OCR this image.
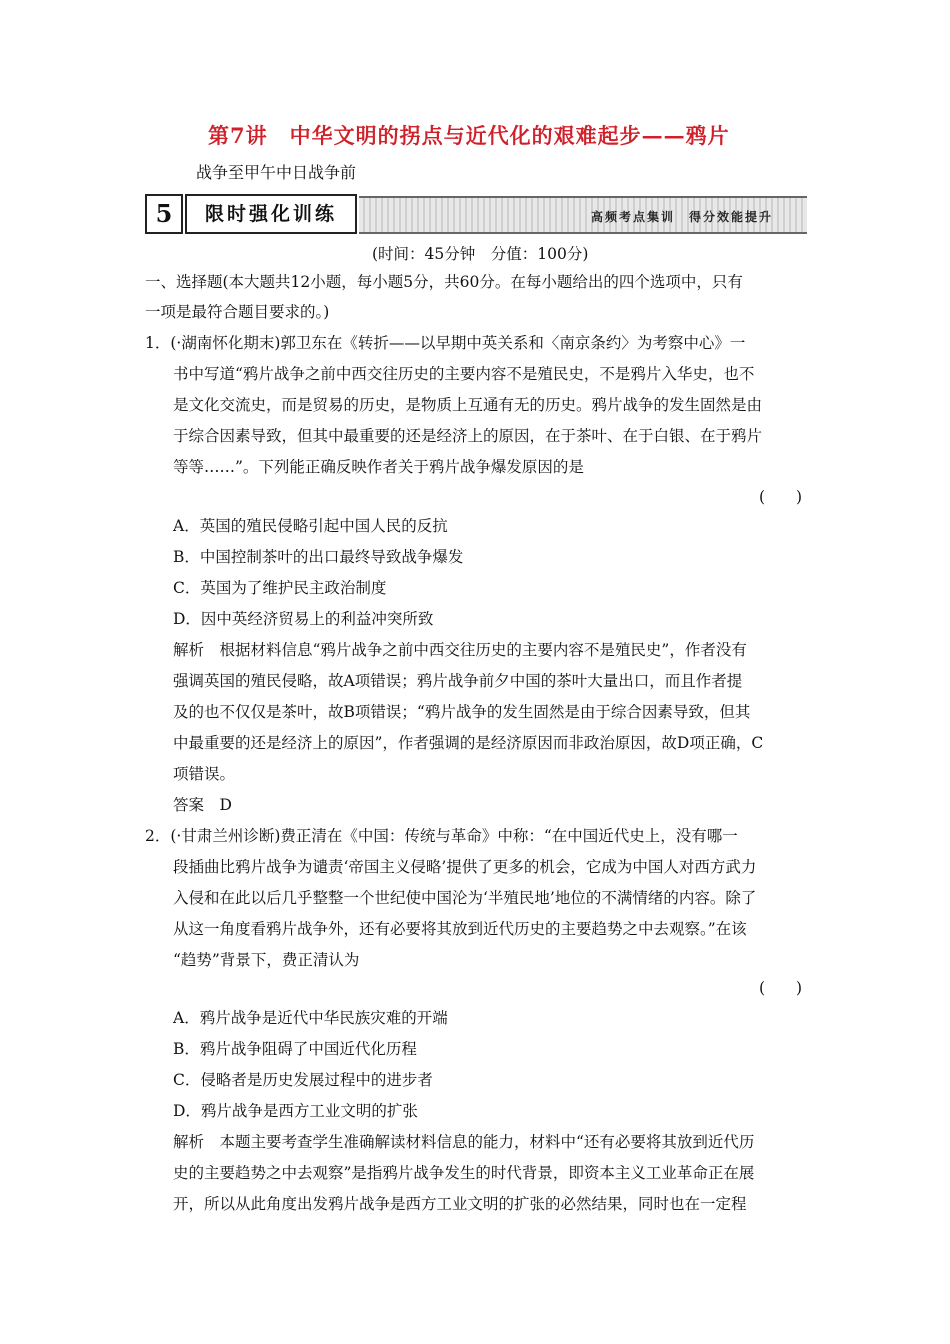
第7讲　中华文明的拐点与近代化的艰难起步——鸦片
战争至甲午中日战争前
5	限时强化训练	高频考点集训　得分效能提升
(时间：45分钟　分值：100分)
一、选择题(本大题共12小题，每小题5分，共60分。在每小题给出的四个选项中，只有
一项是最符合题目要求的。)
1．(·湖南怀化期末)郭卫东在《转折——以早期中英关系和〈南京条约〉为考察中心》一
书中写道“鸦片战争之前中西交往历史的主要内容不是殖民史，不是鸦片入华史，也不
是文化交流史，而是贸易的历史，是物质上互通有无的历史。鸦片战争的发生固然是由
于综合因素导致，但其中最重要的还是经济上的原因，在于茶叶、在于白银、在于鸦片
等等……”。下列能正确反映作者关于鸦片战争爆发原因的是
(　　)
A．英国的殖民侵略引起中国人民的反抗
B．中国控制茶叶的出口最终导致战争爆发
C．英国为了维护民主政治制度
D．因中英经济贸易上的利益冲突所致
解析　根据材料信息“鸦片战争之前中西交往历史的主要内容不是殖民史”，作者没有
强调英国的殖民侵略，故A项错误；鸦片战争前夕中国的茶叶大量出口，而且作者提
及的也不仅仅是茶叶，故B项错误；“鸦片战争的发生固然是由于综合因素导致，但其
中最重要的还是经济上的原因”，作者强调的是经济原因而非政治原因，故D项正确，C
项错误。
答案　D
2．(·甘肃兰州诊断)费正清在《中国：传统与革命》中称：“在中国近代史上，没有哪一
段插曲比鸦片战争为谴责‘帝国主义侵略’提供了更多的机会，它成为中国人对西方武力
入侵和在此以后几乎整整一个世纪使中国沦为‘半殖民地’地位的不满情绪的内容。除了
从这一角度看鸦片战争外，还有必要将其放到近代历史的主要趋势之中去观察。”在该
“趋势”背景下，费正清认为
(　　)
A．鸦片战争是近代中华民族灾难的开端
B．鸦片战争阻碍了中国近代化历程
C．侵略者是历史发展过程中的进步者
D．鸦片战争是西方工业文明的扩张
解析　本题主要考查学生准确解读材料信息的能力，材料中“还有必要将其放到近代历
史的主要趋势之中去观察”是指鸦片战争发生的时代背景，即资本主义工业革命正在展
开，所以从此角度出发鸦片战争是西方工业文明的扩张的必然结果，同时也在一定程
